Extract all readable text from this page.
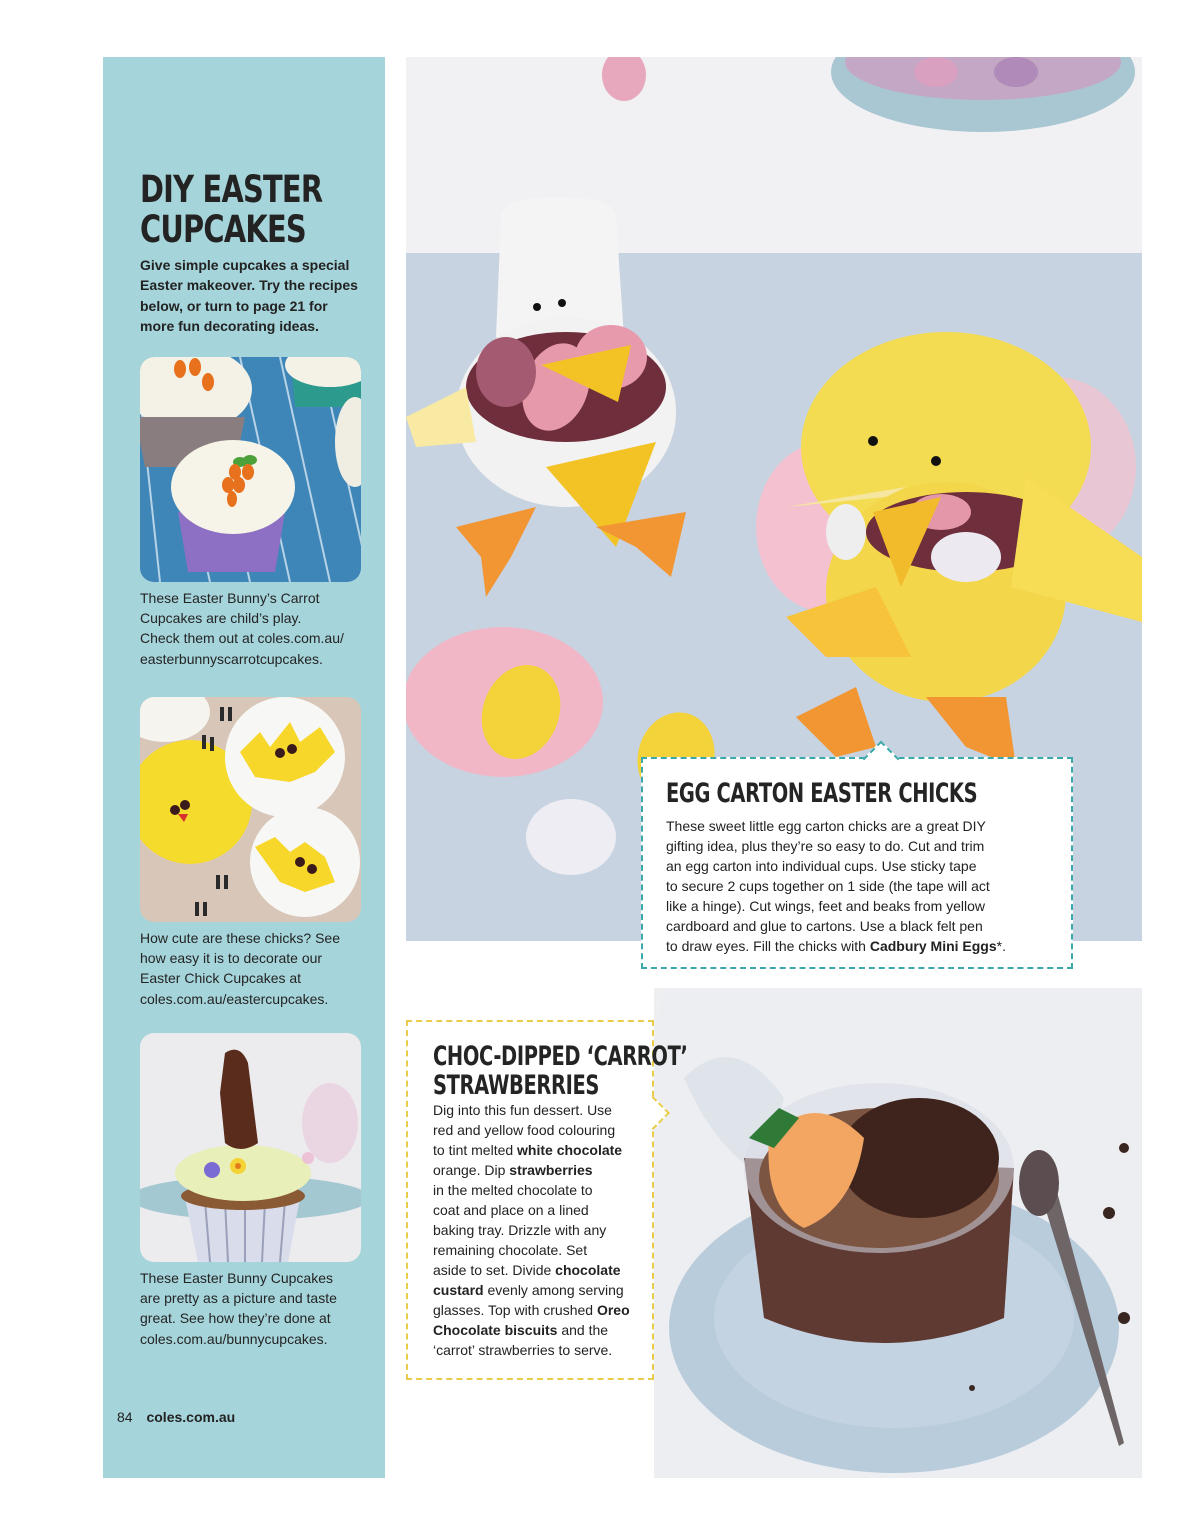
DIY EASTER
CUPCAKES

Give simple cupcakes a special
Easter makeover. Try the recipes
below, or turn to page 21 for
more fun decorating ideas.

These Easter Bunny’s Carrot
Cupcakes are child’s play.
Check them out at coles.com.au/
easterbunnyscarrotcupcakes.

How cute are these chicks? See
how easy it is to decorate our
Easter Chick Cupcakes at
coles.com.au/eastercupcakes.

These Easter Bunny Cupcakes
are pretty as a picture and taste
great. See how they’re done at
coles.com.au/bunnycupcakes.

84 coles.com.au
EGG CARTON EASTER CHICKS
These sweet little egg carton chicks are a great DIY
gifting idea, plus they’re so easy to do. Cut and trim
an egg carton into individual cups. Use sticky tape
to secure 2 cups together on 1 side (the tape will act
like a hinge). Cut wings, feet and beaks from yellow
cardboard and glue to cartons. Use a black felt pen
to draw eyes. Fill the chicks with Cadbury Mini Eggs*.
CHOC-DIPPED ‘CARROT’
STRAWBERRIES
Dig into this fun dessert. Use
red and yellow food colouring
to tint melted white chocolate
orange. Dip strawberries
in the melted chocolate to
coat and place on a lined
baking tray. Drizzle with any
remaining chocolate. Set
aside to set. Divide chocolate
custard evenly among serving
glasses. Top with crushed Oreo
Chocolate biscuits and the
‘carrot’ strawberries to serve.
